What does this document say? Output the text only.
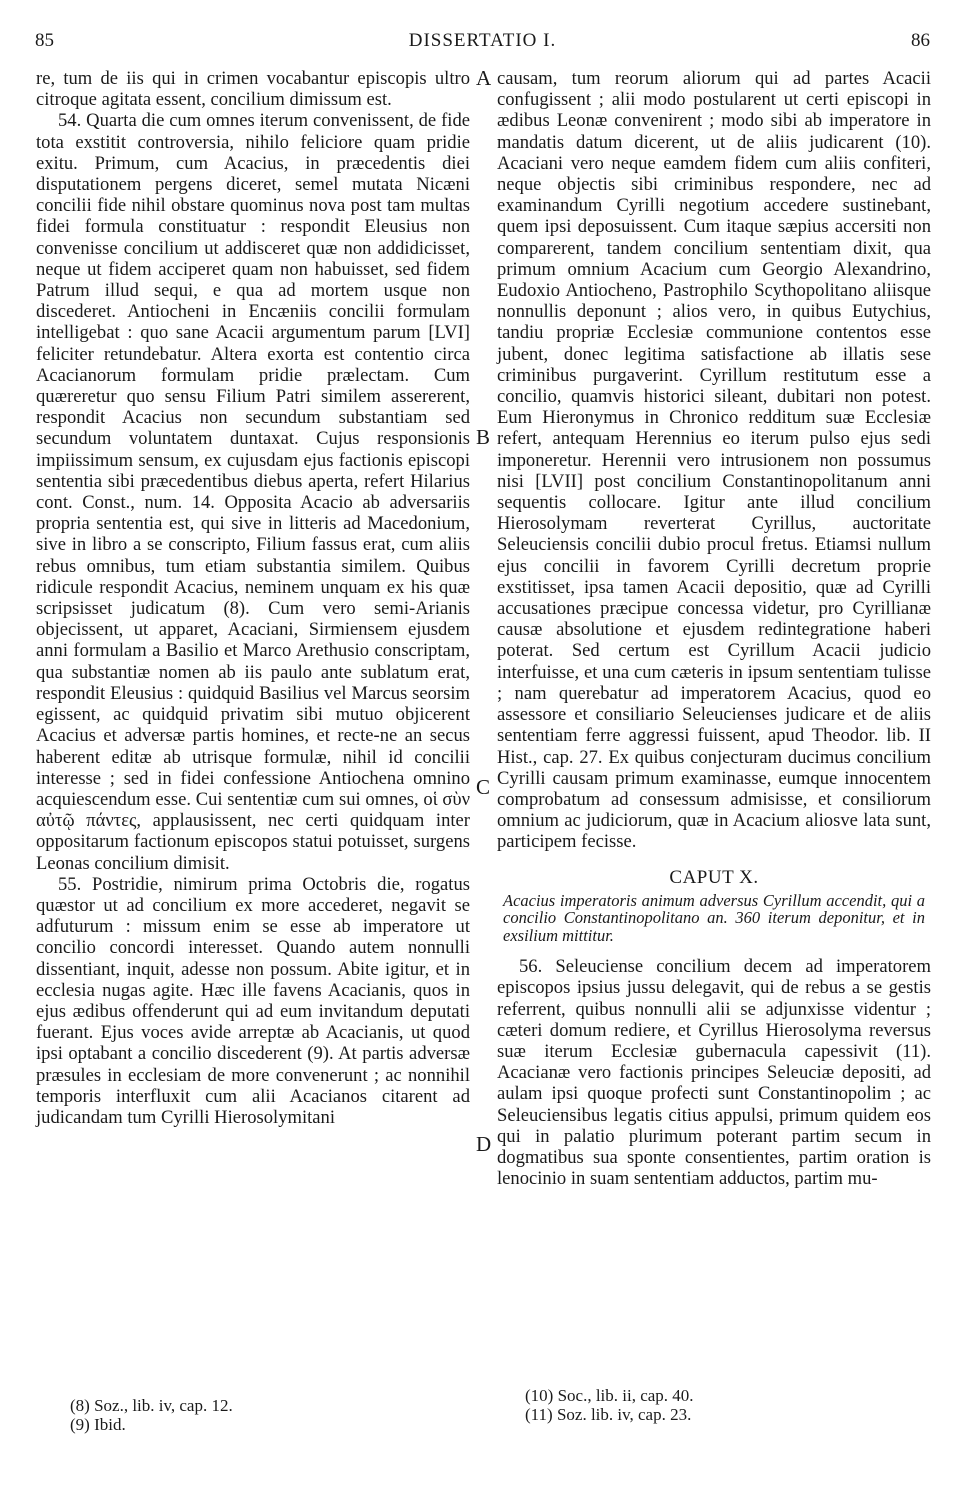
85	DISSERTATIO I.	86
A
B
C
D

re, tum de iis qui in crimen vocabantur episcopis ultro citroque agitata essent, concilium dimissum est.

54. Quarta die cum omnes iterum convenissent, de fide tota exstitit controversia, nihilo feliciore quam pridie exitu. Primum, cum Acacius, in præcedentis diei disputationem pergens diceret, semel mutata Nicæni concilii fide nihil obstare quominus nova post tam multas fidei formula constituatur : respondit Eleusius non convenisse concilium ut addisceret quæ non addidicisset, neque ut fidem acciperet quam non habuisset, sed fidem Patrum illud sequi, e qua ad mortem usque non discederet. Antiocheni in Encæniis concilii formulam intelligebat : quo sane Acacii argumentum parum [LVI] feliciter retundebatur. Altera exorta est contentio circa Acacianorum formulam pridie prælectam. Cum quæreretur quo sensu Filium Patri similem assererent, respondit Acacius non secundum substantiam sed secundum voluntatem duntaxat. Cujus responsionis impiissimum sensum, ex cujusdam ejus factionis episcopi sententia sibi præcedentibus diebus aperta, refert Hilarius cont. Const., num. 14. Opposita Acacio ab adversariis propria sententia est, qui sive in litteris ad Macedonium, sive in libro a se conscripto, Filium fassus erat, cum aliis rebus omnibus, tum etiam substantia similem. Quibus ridicule respondit Acacius, neminem unquam ex his quæ scripsisset judicatum (8). Cum vero semi-Arianis objecissent, ut apparet, Acaciani, Sirmiensem ejusdem anni formulam a Basilio et Marco Arethusio conscriptam, qua substantiæ nomen ab iis paulo ante sublatum erat, respondit Eleusius : quidquid Basilius vel Marcus seorsim egissent, ac quidquid privatim sibi mutuo objicerent Acacius et adversæ partis homines, et recte-ne an secus haberent editæ ab utrisque formulæ, nihil id concilii interesse ; sed in fidei confessione Antiochena omnino acquiescendum esse. Cui sententiæ cum sui omnes, οἱ σὺν αὐτῷ πάντες, applausissent, nec certi quidquam inter oppositarum factionum episcopos statui potuisset, surgens Leonas concilium dimisit.

55. Postridie, nimirum prima Octobris die, rogatus quæstor ut ad concilium ex more accederet, negavit se adfuturum : missum enim se esse ab imperatore ut concilio concordi interesset. Quando autem nonnulli dissentiant, inquit, adesse non possum. Abite igitur, et in ecclesia nugas agite. Hæc ille favens Acacianis, quos in ejus ædibus offenderunt qui ad eum invitandum deputati fuerant. Ejus voces avide arreptæ ab Acacianis, ut quod ipsi optabant a concilio discederent (9). At partis adversæ præsules in ecclesiam de more convenerunt ; ac nonnihil temporis interfluxit cum alii Acacianos citarent ad judicandam tum Cyrilli Hierosolymitani

causam, tum reorum aliorum qui ad partes Acacii confugissent ; alii modo postularent ut certi episcopi in ædibus Leonæ convenirent ; modo sibi ab imperatore in mandatis datum dicerent, ut de aliis judicarent (10). Acaciani vero neque eamdem fidem cum aliis confiteri, neque objectis sibi criminibus respondere, nec ad examinandum Cyrilli negotium accedere sustinebant, quem ipsi deposuissent. Cum itaque sæpius accersiti non comparerent, tandem concilium sententiam dixit, qua primum omnium Acacium cum Georgio Alexandrino, Eudoxio Antiocheno, Pastrophilo Scythopolitano aliisque nonnullis deponunt ; alios vero, in quibus Eutychius, tandiu propriæ Ecclesiæ communione contentos esse jubent, donec legitima satisfactione ab illatis sese criminibus purgaverint. Cyrillum restitutum esse a concilio, quamvis historici sileant, dubitari non potest. Eum Hieronymus in Chronico redditum suæ Ecclesiæ refert, antequam Herennius eo iterum pulso ejus sedi imponeretur. Herennii vero intrusionem non possumus nisi [LVII] post concilium Constantinopolitanum anni sequentis collocare. Igitur ante illud concilium Hierosolymam reverterat Cyrillus, auctoritate Seleuciensis concilii dubio procul fretus. Etiamsi nullum ejus concilii in favorem Cyrilli decretum proprie exstitisset, ipsa tamen Acacii depositio, quæ ad Cyrilli accusationes præcipue concessa videtur, pro Cyrillianæ causæ absolutione et ejusdem redintegratione haberi poterat. Sed certum est Cyrillum Acacii judicio interfuisse, et una cum cæteris in ipsum sententiam tulisse ; nam querebatur ad imperatorem Acacius, quod eo assessore et consiliario Seleucienses judicare et de aliis sententiam ferre aggressi fuissent, apud Theodor. lib. II Hist., cap. 27. Ex quibus conjecturam ducimus concilium Cyrilli causam primum examinasse, eumque innocentem comprobatum ad consessum admisisse, et consiliorum omnium ac judiciorum, quæ in Acacium aliosve lata sunt, participem fecisse.

CAPUT X.
Acacius imperatoris animum adversus Cyrillum accendit, qui a concilio Constantinopolitano an. 360 iterum deponitur, et in exsilium mittitur.

56. Seleuciense concilium decem ad imperatorem episcopos ipsius jussu delegavit, qui de rebus a se gestis referrent, quibus nonnulli alii se adjunxisse videntur ; cæteri domum rediere, et Cyrillus Hierosolyma reversus suæ iterum Ecclesiæ gubernacula capessivit (11). Acacianæ vero factionis principes Seleuciæ depositi, ad aulam ipsi quoque profecti sunt Constantinopolim ; ac Seleuciensibus legatis citius appulsi, primum quidem eos qui in palatio plurimum poterant partim secum in dogmatibus sua sponte consentientes, partim oration is lenocinio in suam sententiam adductos, partim mu-

(8) Soz., lib. iv, cap. 12.
(9) Ibid.
(10) Soc., lib. ii, cap. 40.
(11) Soz. lib. iv, cap. 23.
